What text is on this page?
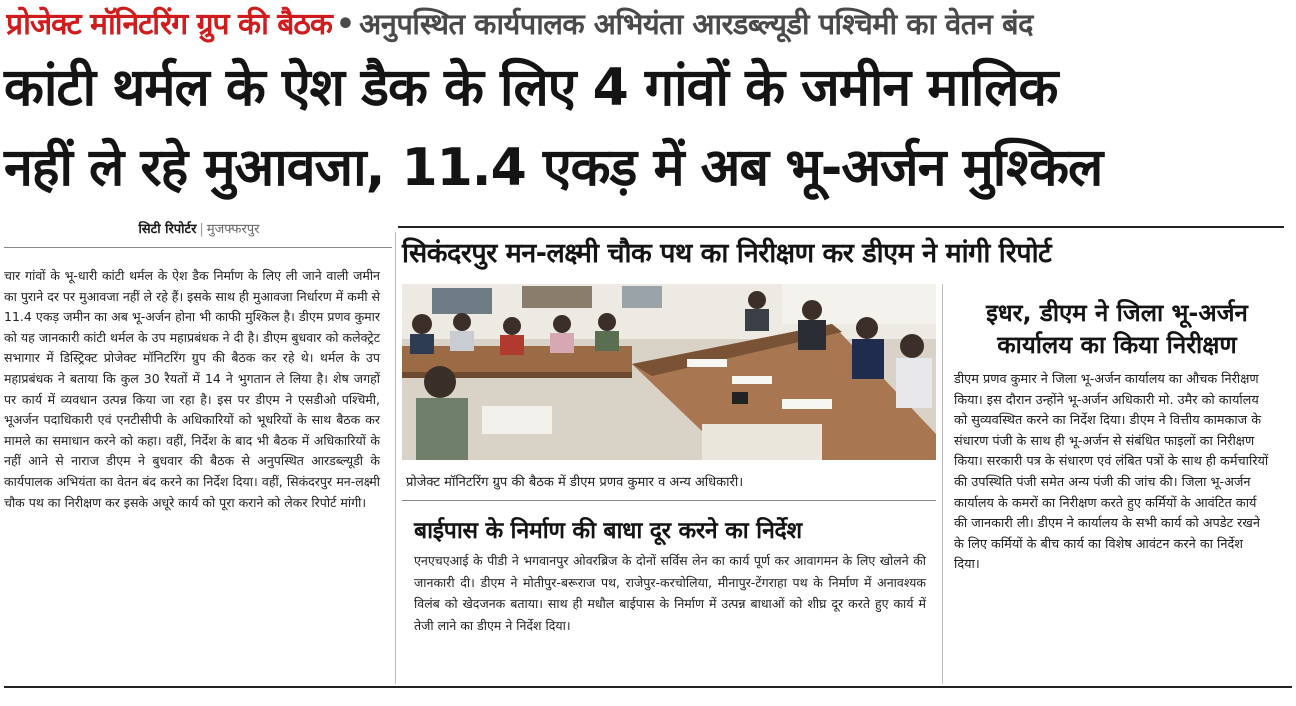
प्रोजेक्ट मॉनिटरिंग ग्रुप की बैठक • अनुपस्थित कार्यपालक अभियंता आरडब्ल्यूडी पश्चिमी का वेतन बंद
कांटी थर्मल के ऐश डैक के लिए 4 गांवों के जमीन मालिक
नहीं ले रहे मुआवजा, 11.4 एकड़ में अब भू-अर्जन मुश्किल
सिटी रिपोर्टर | मुजफ्फरपुर
चार गांवों के भू-धारी कांटी थर्मल के ऐश डैक निर्माण के लिए ली जाने वाली जमीन का पुराने दर पर मुआवजा नहीं ले रहे हैं। इसके साथ ही मुआवजा निर्धारण में कमी से 11.4 एकड़ जमीन का अब भू-अर्जन होना भी काफी मुश्किल है। डीएम प्रणव कुमार को यह जानकारी कांटी थर्मल के उप महाप्रबंधक ने दी है। डीएम बुधवार को कलेक्ट्रेट सभागार में डिस्ट्रिक्ट प्रोजेक्ट मॉनिटरिंग ग्रुप की बैठक कर रहे थे। थर्मल के उप महाप्रबंधक ने बताया कि कुल 30 रैयतों में 14 ने भुगतान ले लिया है। शेष जगहों पर कार्य में व्यवधान उत्पन्न किया जा रहा है। इस पर डीएम ने एसडीओ पश्चिमी, भूअर्जन पदाधिकारी एवं एनटीसीपी के अधिकारियों को भूधरियों के साथ बैठक कर मामले का समाधान करने को कहा। वहीं, निर्देश के बाद भी बैठक में अधिकारियों के नहीं आने से नाराज डीएम ने बुधवार की बैठक से अनुपस्थित आरडब्ल्यूडी के कार्यपालक अभियंता का वेतन बंद करने का निर्देश दिया। वहीं, सिकंदरपुर मन-लक्ष्मी चौक पथ का निरीक्षण कर इसके अधूरे कार्य को पूरा कराने को लेकर रिपोर्ट मांगी।
सिकंदरपुर मन-लक्ष्मी चौक पथ का निरीक्षण कर डीएम ने मांगी रिपोर्ट
प्रोजेक्ट मॉनिटरिंग ग्रुप की बैठक में डीएम प्रणव कुमार व अन्य अधिकारी।
बाईपास के निर्माण की बाधा दूर करने का निर्देश
एनएचएआई के पीडी ने भगवानपुर ओवरब्रिज के दोनों सर्विस लेन का कार्य पूर्ण कर आवागमन के लिए खोलने की जानकारी दी। डीएम ने मोतीपुर-बरूराज पथ, राजेपुर-करचोलिया, मीनापुर-टेंगराहा पथ के निर्माण में अनावश्यक विलंब को खेदजनक बताया। साथ ही मधौल बाईपास के निर्माण में उत्पन्न बाधाओं को शीघ्र दूर करते हुए कार्य में तेजी लाने का डीएम ने निर्देश दिया।
इधर, डीएम ने जिला भू-अर्जन कार्यालय का किया निरीक्षण
डीएम प्रणव कुमार ने जिला भू-अर्जन कार्यालय का औचक निरीक्षण किया। इस दौरान उन्होंने भू-अर्जन अधिकारी मो. उमैर को कार्यालय को सुव्यवस्थित करने का निर्देश दिया। डीएम ने वित्तीय कामकाज के संधारण पंजी के साथ ही भू-अर्जन से संबंधित फाइलों का निरीक्षण किया। सरकारी पत्र के संधारण एवं लंबित पत्रों के साथ ही कर्मचारियों की उपस्थिति पंजी समेत अन्य पंजी की जांच की। जिला भू-अर्जन कार्यालय के कमरों का निरीक्षण करते हुए कर्मियों के आवंटित कार्य की जानकारी ली। डीएम ने कार्यालय के सभी कार्य को अपडेट रखने के लिए कर्मियों के बीच कार्य का विशेष आवंटन करने का निर्देश दिया।
